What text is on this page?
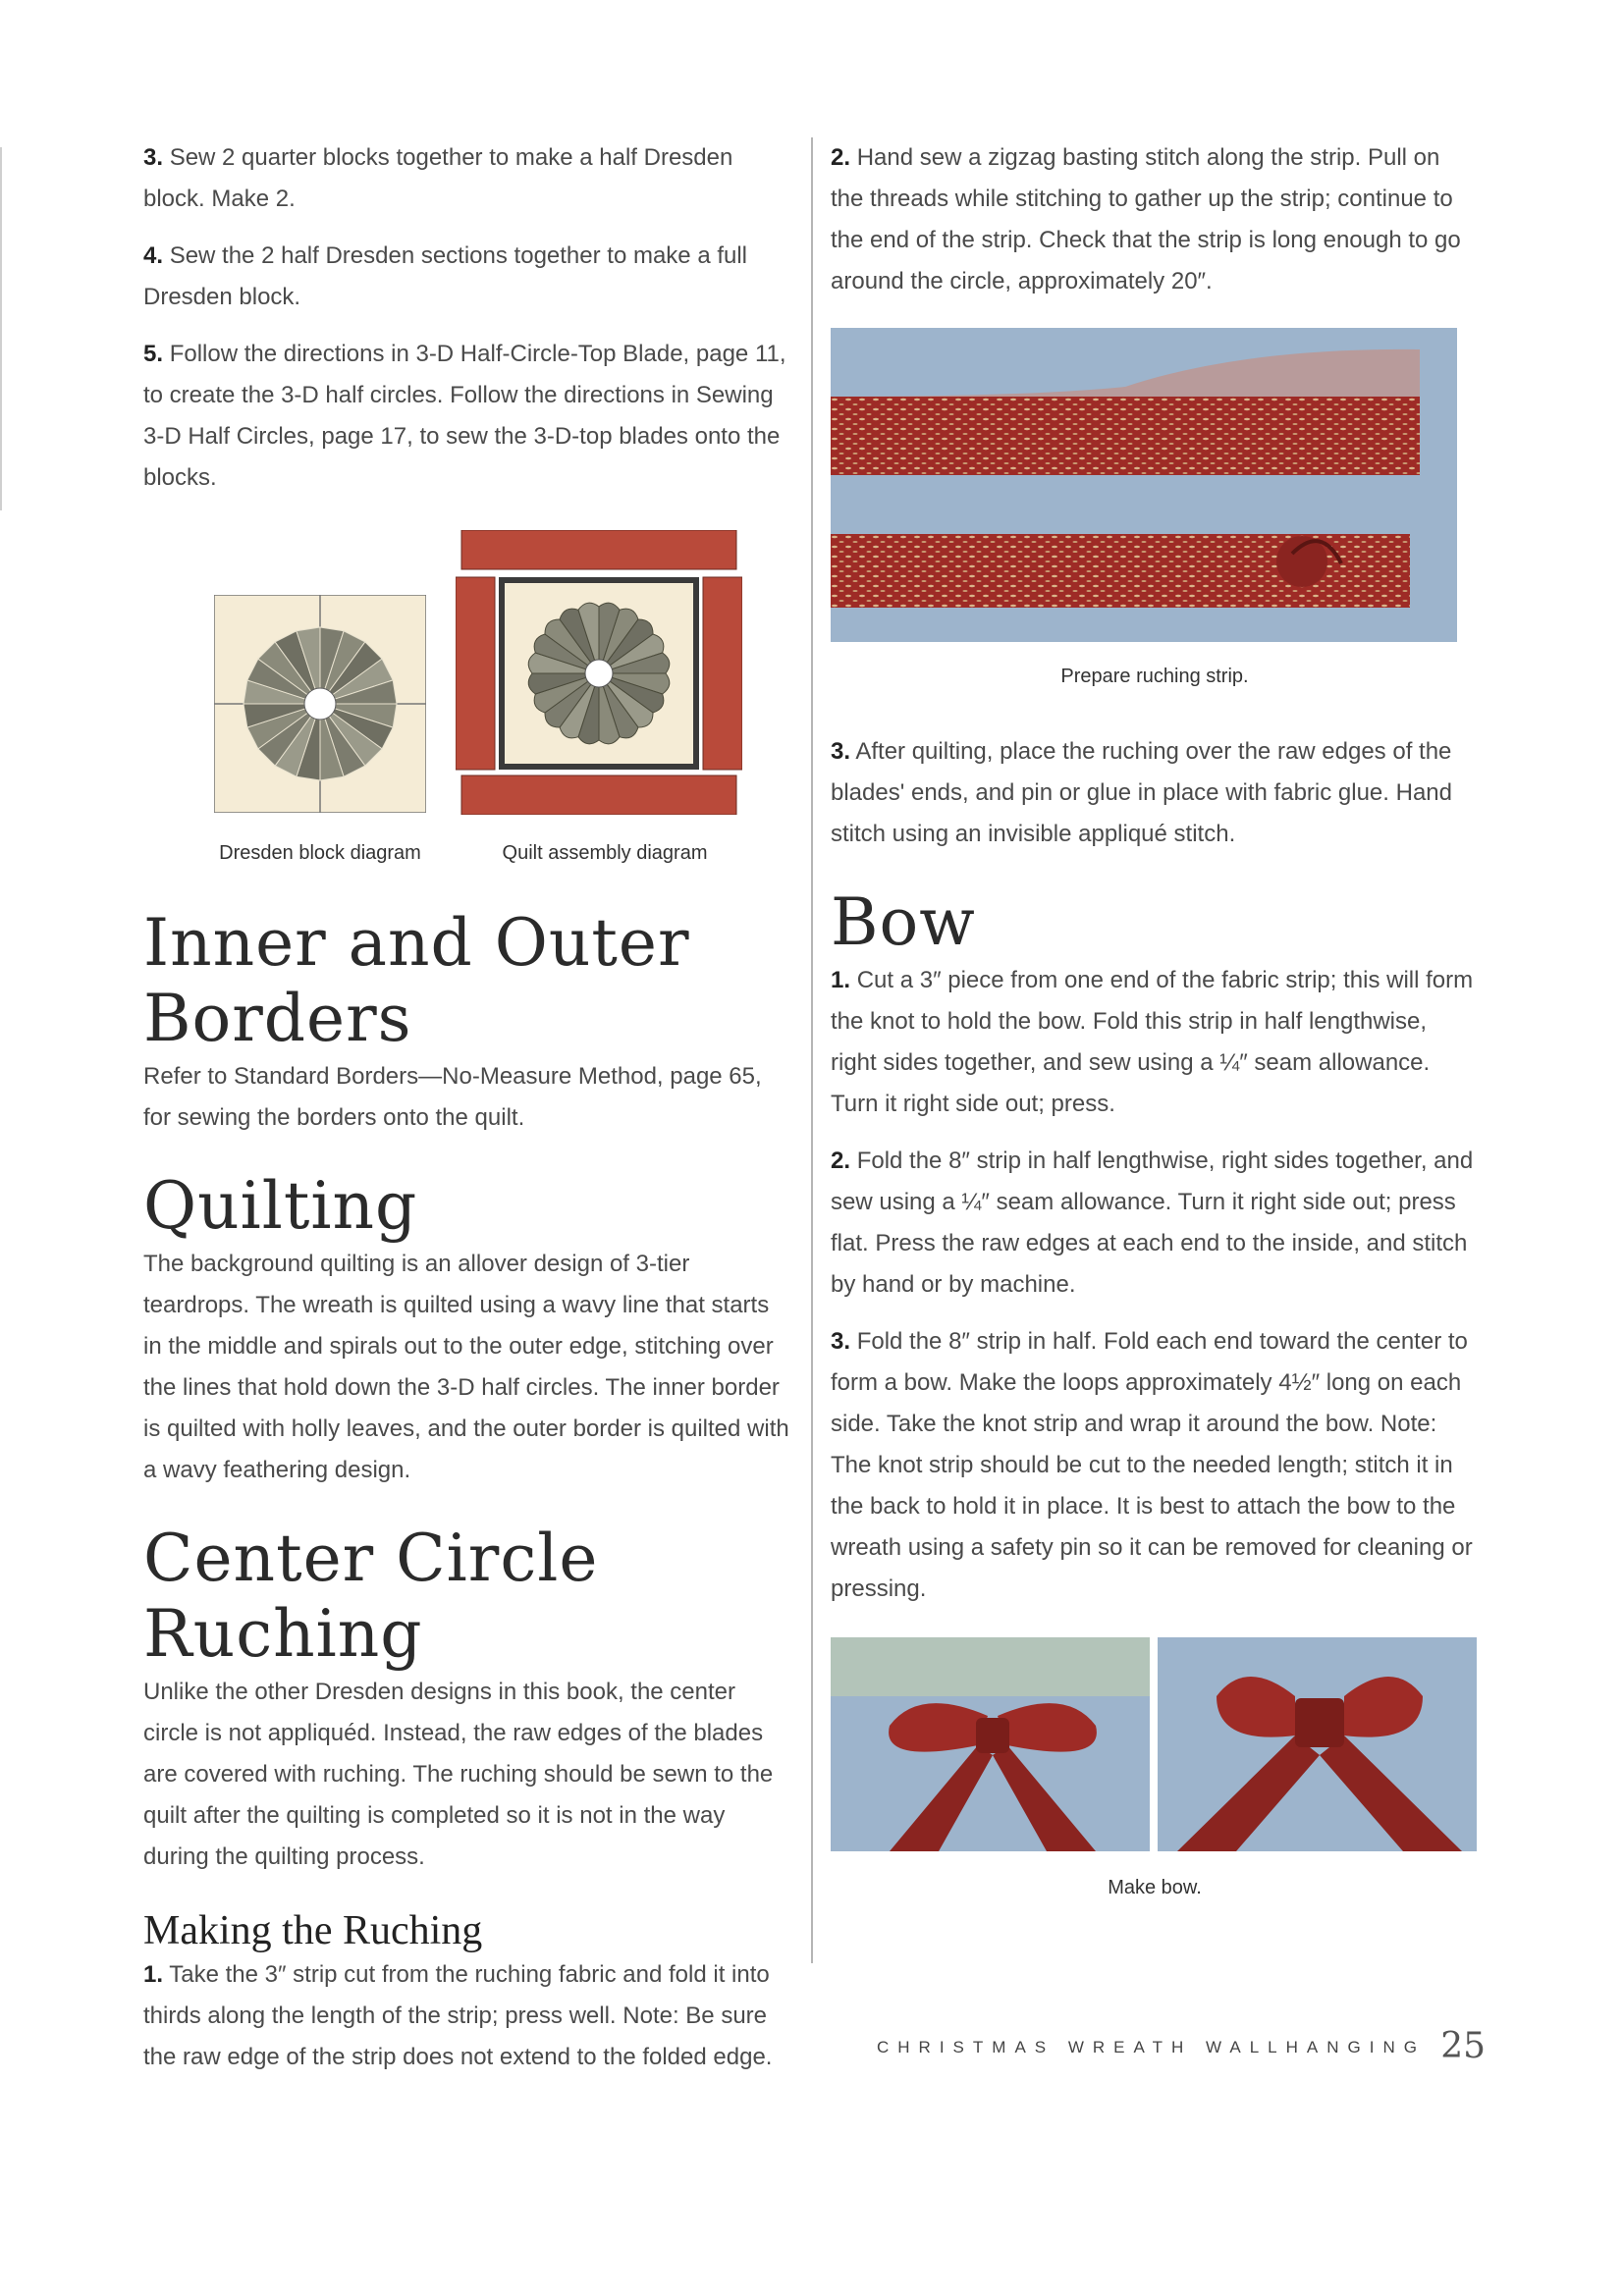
3. Sew 2 quarter blocks together to make a half Dresden block. Make 2.

4. Sew the 2 half Dresden sections together to make a full Dresden block.

5. Follow the directions in 3-D Half-Circle-Top Blade, page 11, to create the 3-D half circles. Follow the directions in Sewing 3-D Half Circles, page 17, to sew the 3-D-top blades onto the blocks.

Dresden block diagram	Quilt assembly diagram
Inner and Outer Borders

Refer to Standard Borders—No-Measure Method, page 65, for sewing the borders onto the quilt.

Quilting

The background quilting is an allover design of 3-tier teardrops. The wreath is quilted using a wavy line that starts in the middle and spirals out to the outer edge, stitching over the lines that hold down the 3-D half circles. The inner border is quilted with holly leaves, and the outer border is quilted with a wavy feathering design.

Center Circle Ruching

Unlike the other Dresden designs in this book, the center circle is not appliquéd. Instead, the raw edges of the blades are covered with ruching. The ruching should be sewn to the quilt after the quilting is completed so it is not in the way during the quilting process.

Making the Ruching

1. Take the 3″ strip cut from the ruching fabric and fold it into thirds along the length of the strip; press well. Note: Be sure the raw edge of the strip does not extend to the folded edge.

2. Hand sew a zigzag basting stitch along the strip. Pull on the threads while stitching to gather up the strip; continue to the end of the strip. Check that the strip is long enough to go around the circle, approximately 20″.

Prepare ruching strip.

3. After quilting, place the ruching over the raw edges of the blades' ends, and pin or glue in place with fabric glue. Hand stitch using an invisible appliqué stitch.

Bow

1. Cut a 3″ piece from one end of the fabric strip; this will form the knot to hold the bow. Fold this strip in half lengthwise, right sides together, and sew using a ¼″ seam allowance. Turn it right side out; press.

2. Fold the 8″ strip in half lengthwise, right sides together, and sew using a ¼″ seam allowance. Turn it right side out; press flat. Press the raw edges at each end to the inside, and stitch by hand or by machine.

3. Fold the 8″ strip in half. Fold each end toward the center to form a bow. Make the loops approximately 4½″ long on each side. Take the knot strip and wrap it around the bow. Note: The knot strip should be cut to the needed length; stitch it in the back to hold it in place. It is best to attach the bow to the wreath using a safety pin so it can be removed for cleaning or pressing.

Make bow.
CHRISTMAS WREATH WALLHANGING 25
